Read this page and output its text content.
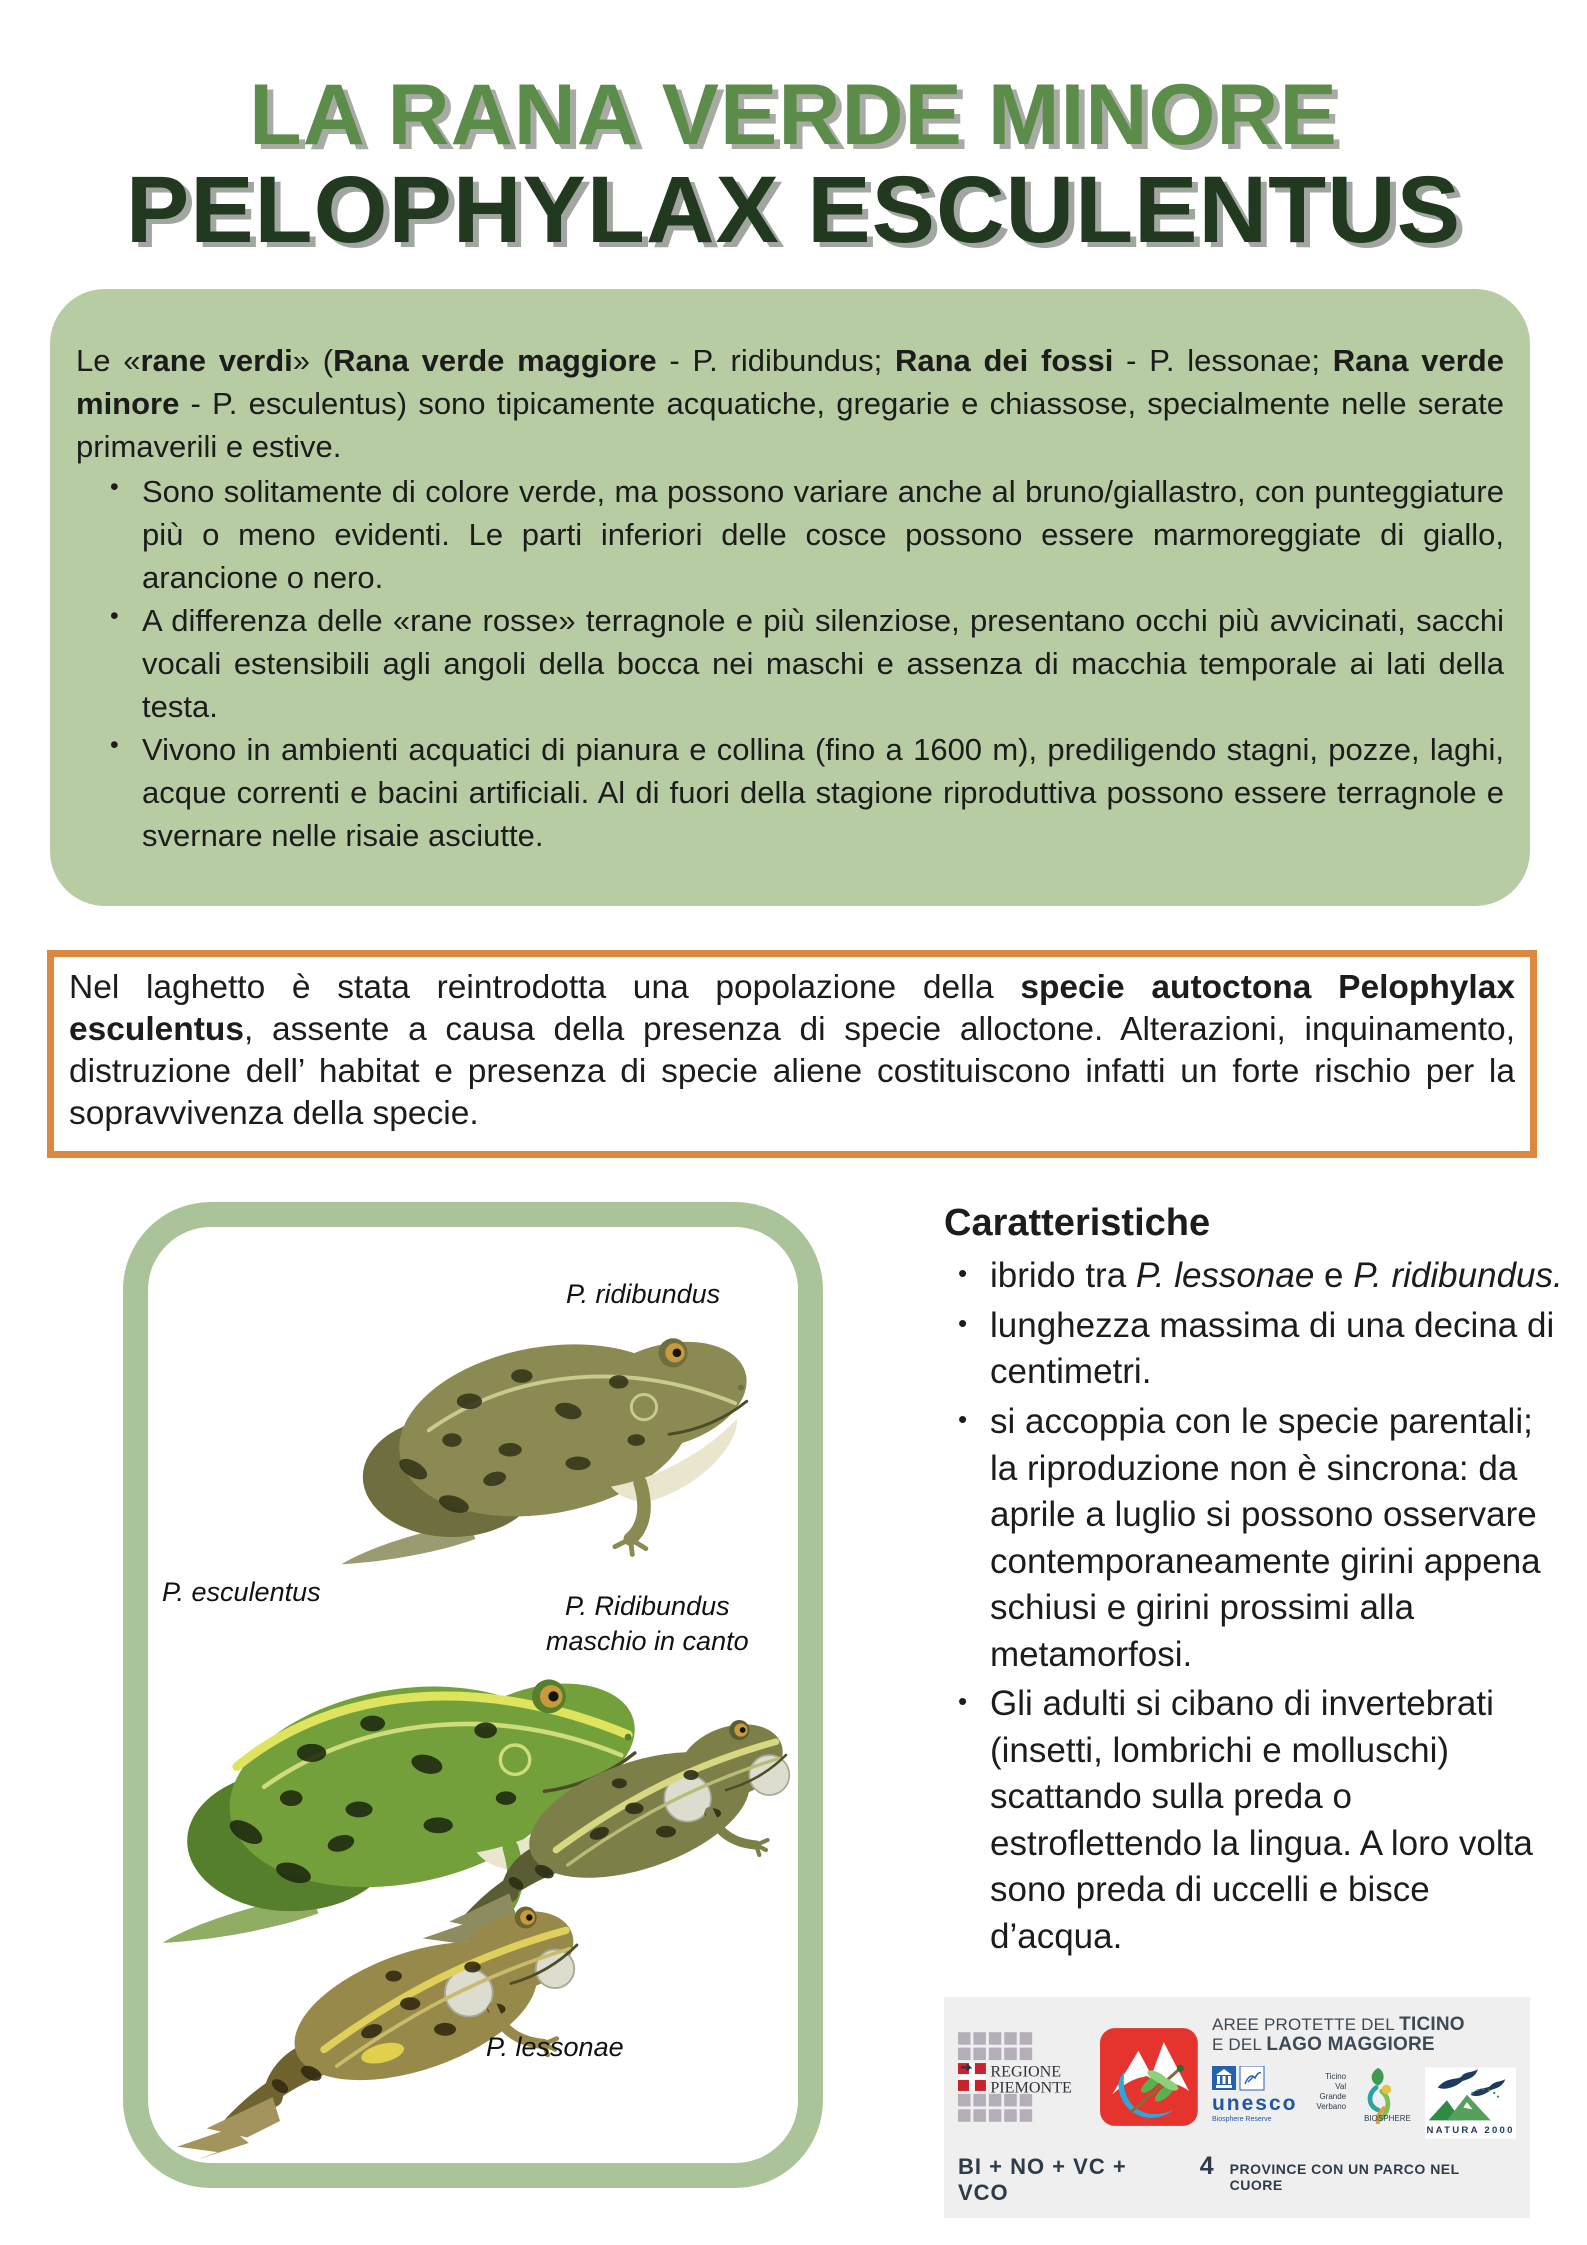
LA RANA VERDE MINORE
PELOPHYLAX ESCULENTUS

Le «rane verdi» (Rana verde maggiore - P. ridibundus; Rana dei fossi - P. lessonae; Rana verde minore - P. esculentus) sono tipicamente acquatiche, gregarie e chiassose, specialmente nelle serate primaverili e estive.

• Sono solitamente di colore verde, ma possono variare anche al bruno/giallastro, con punteggiature più o meno evidenti. Le parti inferiori delle cosce possono essere marmoreggiate di giallo, arancione o nero.
• A differenza delle «rane rosse» terragnole e più silenziose, presentano occhi più avvicinati, sacchi vocali estensibili agli angoli della bocca nei maschi e assenza di macchia temporale ai lati della testa.
• Vivono in ambienti acquatici di pianura e collina (fino a 1600 m), prediligendo stagni, pozze, laghi, acque correnti e bacini artificiali. Al di fuori della stagione riproduttiva possono essere terragnole e svernare nelle risaie asciutte.

Nel laghetto è stata reintrodotta una popolazione della specie autoctona Pelophylax esculentus, assente a causa della presenza di specie alloctone. Alterazioni, inquinamento, distruzione dell’ habitat e presenza di specie aliene costituiscono infatti un forte rischio per la sopravvivenza della specie.

P. ridibundus
P. esculentus	P. Ridibundus
maschio in canto
P. lessonae
Caratteristiche
• ibrido tra P. lessonae e P. ridibundus.
• lunghezza massima di una decina di centimetri.
• si accoppia con le specie parentali; la riproduzione non è sincrona: da aprile a luglio si possono osservare contemporaneamente girini appena schiusi e girini prossimi alla metamorfosi.
• Gli adulti si cibano di invertebrati (insetti, lombrichi e molluschi) scattando sulla preda o estroflettendo la lingua. A loro volta sono preda di uccelli e bisce d’acqua.
REGIONE
PIEMONTE
AREE PROTETTE DEL TICINO
E DEL LAGO MAGGIORE
unesco
Biosphere Reserve
Ticino
Val Grande
Verbano
BIOSPHERE
NATURA 2000
BI + NO + VC + VCO
4 PROVINCE CON UN PARCO NEL CUORE
